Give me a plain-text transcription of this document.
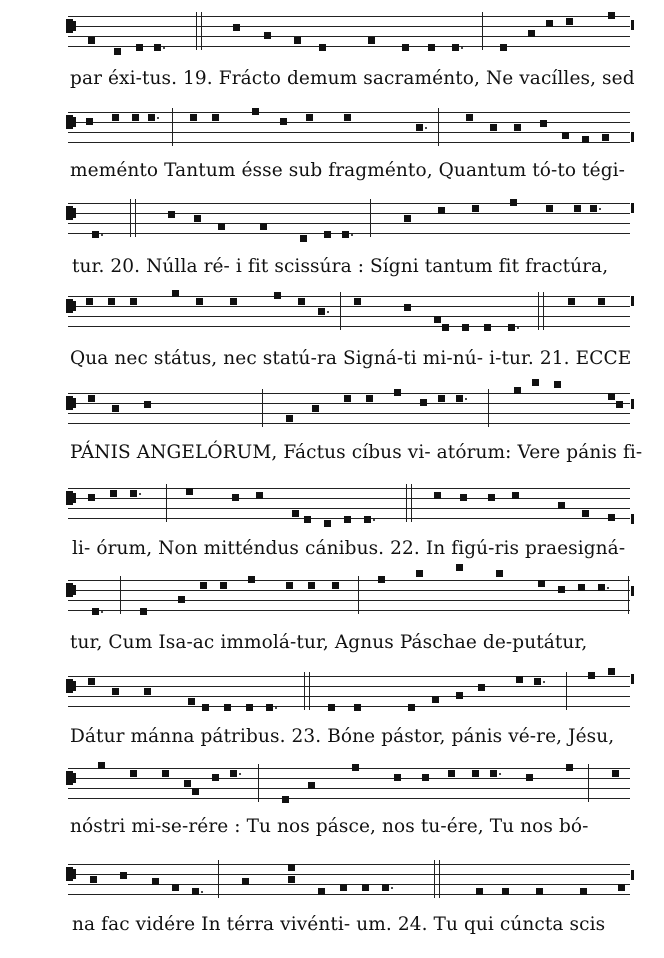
par éxi-tus. 19. Frácto demum sacraménto, Ne vacílles, sed
meménto Tantum ésse sub fragménto, Quantum tó-to tégi-
tur. 20. Núlla ré- i fit scissúra : Sígni tantum fit fractúra,
Qua nec státus, nec statú-ra Signá-ti mi-nú- i-tur. 21. ECCE
PÁNIS ANGELÓRUM, Fáctus cíbus vi- atórum: Vere pánis fi-
li- órum, Non mitténdus cánibus. 22. In figú-ris praesigná-
tur, Cum Isa-ac immolá-tur, Agnus Páschae de-putátur,
Dátur mánna pátribus. 23. Bóne pástor, pánis vé-re, Jésu,
nóstri mi-se-rére : Tu nos pásce, nos tu-ére, Tu nos bó-
na fac vidére In térra vivénti- um. 24. Tu qui cúncta scis
